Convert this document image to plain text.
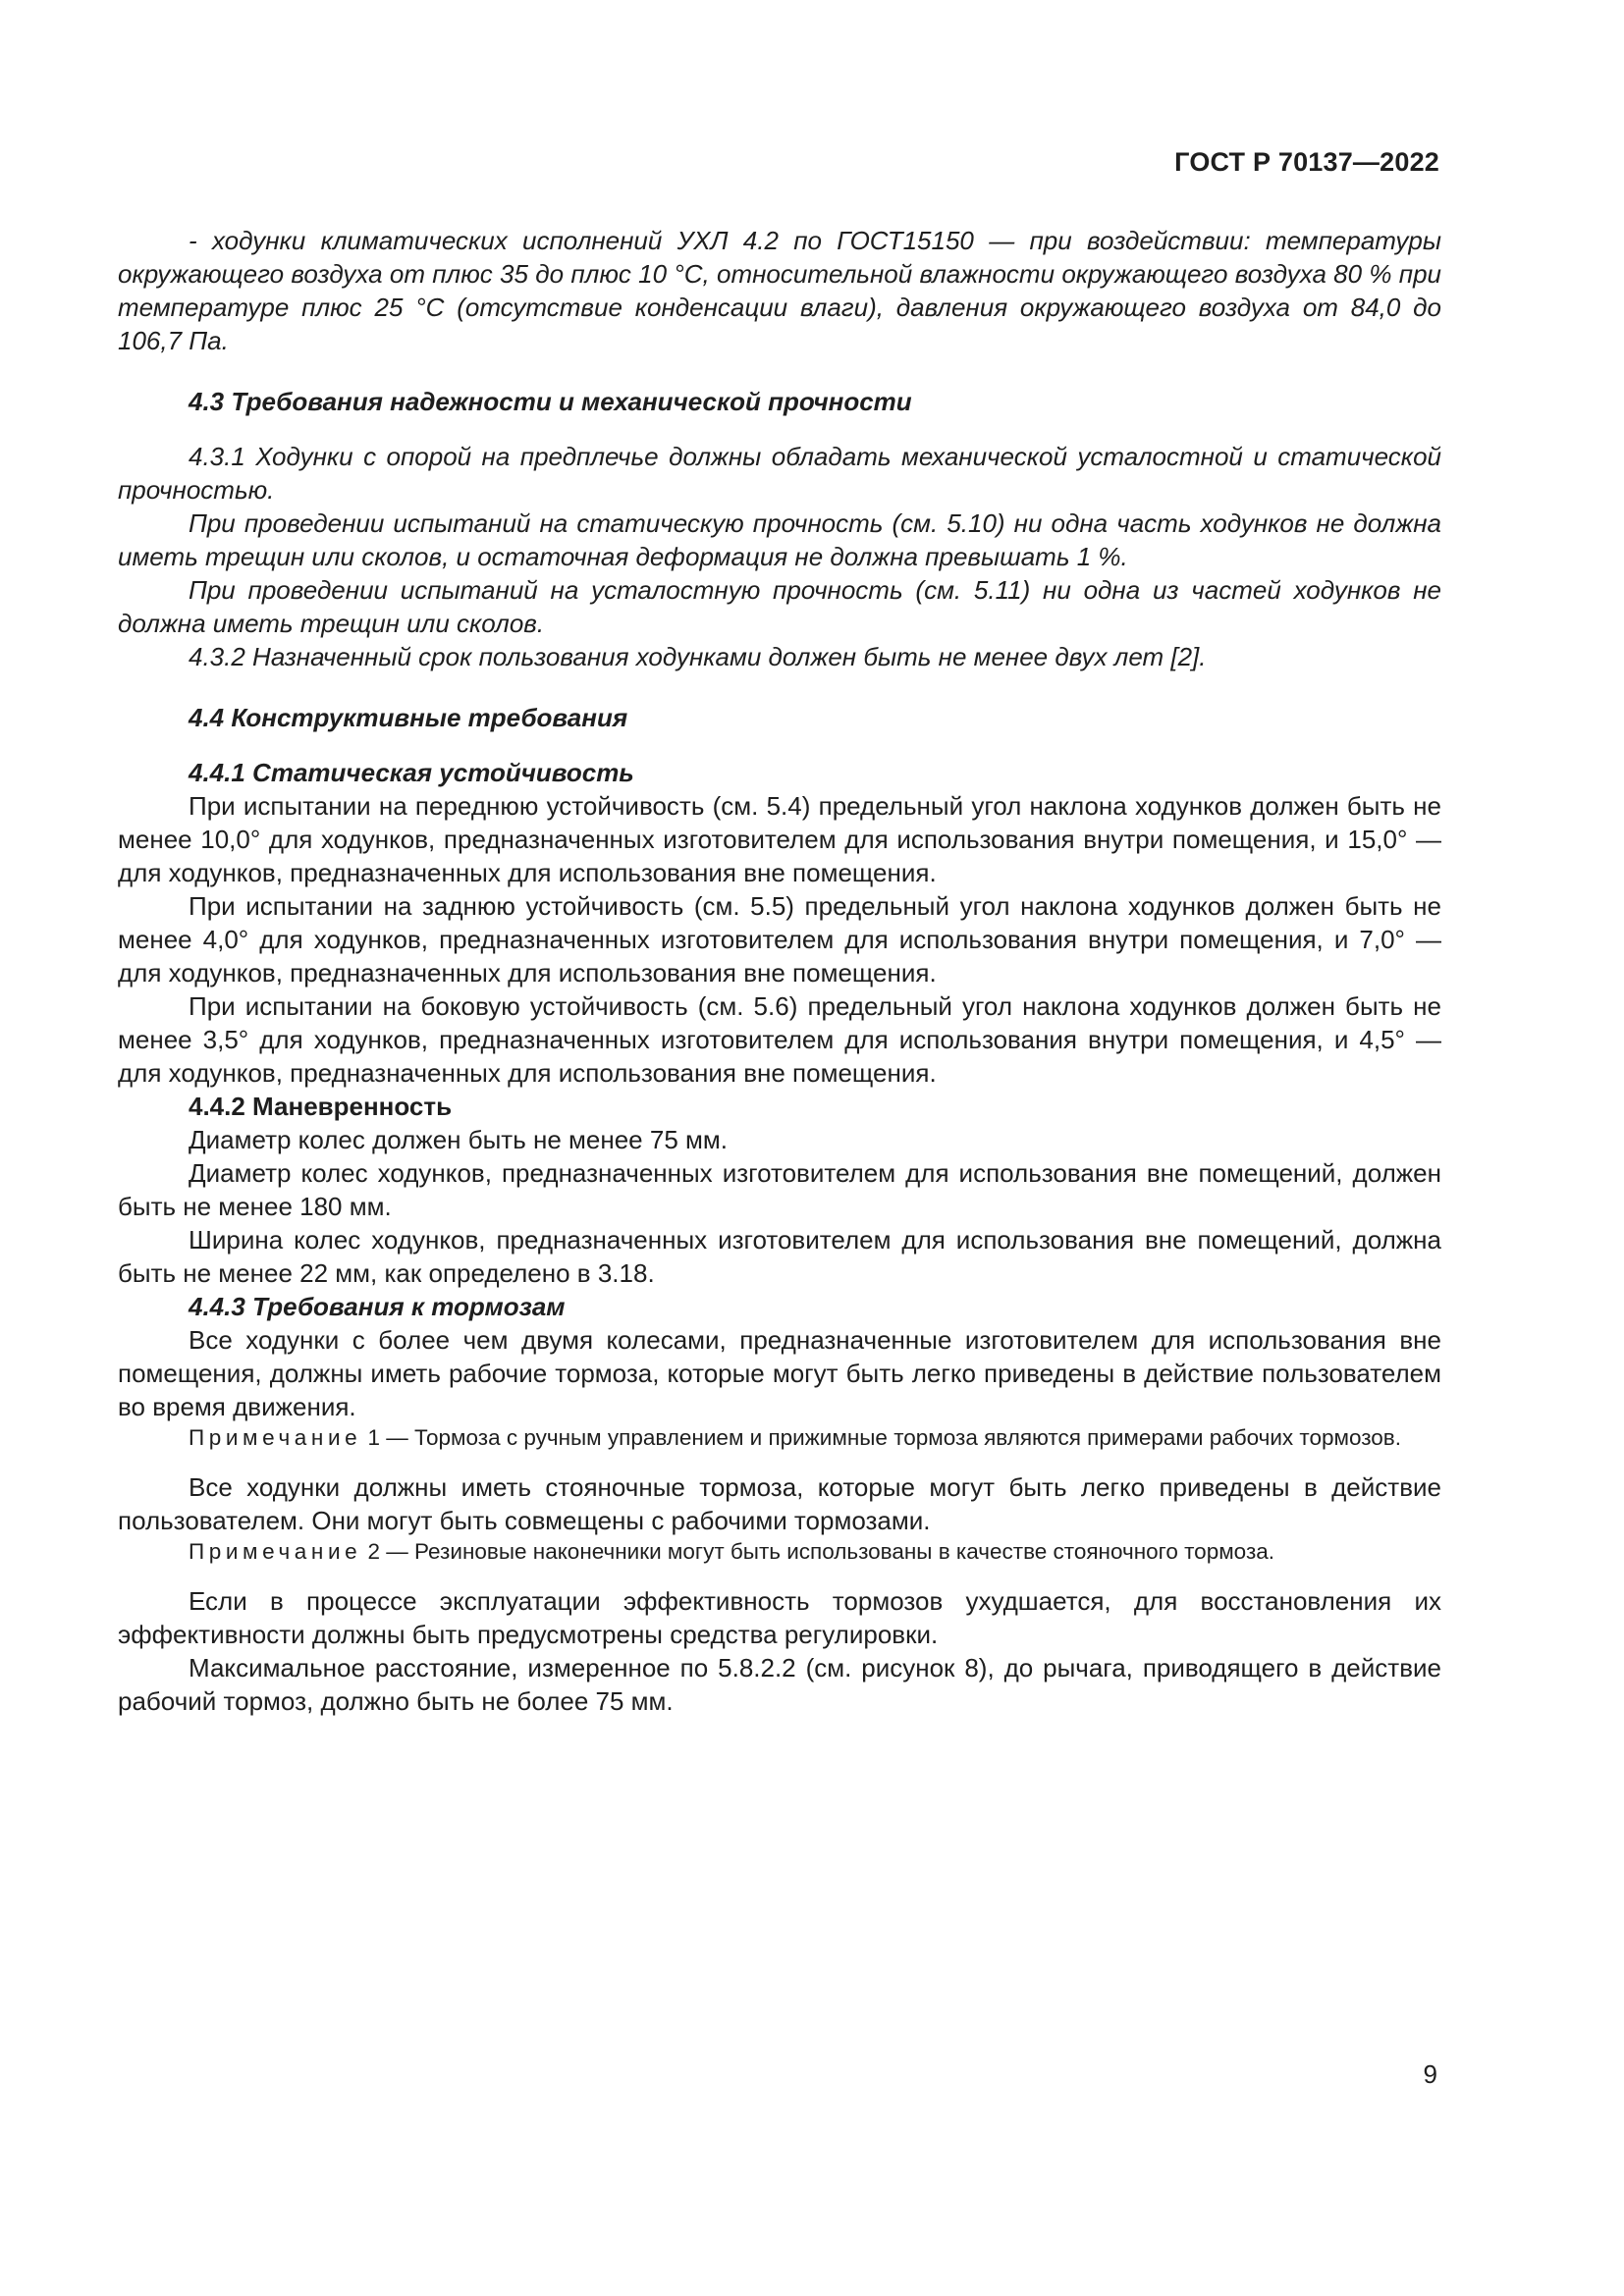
ГОСТ Р 70137—2022

- ходунки климатических исполнений УХЛ 4.2 по ГОСТ15150 — при воздействии: температуры окружающего воздуха от плюс 35 до плюс 10 °С, относительной влажности окружающего воздуха 80 % при температуре плюс 25 °С (отсутствие конденсации влаги), давления окружающего воздуха от 84,0 до 106,7 Па.

4.3 Требования надежности и механической прочности

4.3.1 Ходунки с опорой на предплечье должны обладать механической усталостной и статической прочностью.

При проведении испытаний на статическую прочность (см. 5.10) ни одна часть ходунков не должна иметь трещин или сколов, и остаточная деформация не должна превышать 1 %.

При проведении испытаний на усталостную прочность (см. 5.11) ни одна из частей ходунков не должна иметь трещин или сколов.

4.3.2 Назначенный срок пользования ходунками должен быть не менее двух лет [2].

4.4 Конструктивные требования

4.4.1 Статическая устойчивость

При испытании на переднюю устойчивость (см. 5.4) предельный угол наклона ходунков должен быть не менее 10,0° для ходунков, предназначенных изготовителем для использования внутри помещения, и 15,0° — для ходунков, предназначенных для использования вне помещения.

При испытании на заднюю устойчивость (см. 5.5) предельный угол наклона ходунков должен быть не менее 4,0° для ходунков, предназначенных изготовителем для использования внутри помещения, и 7,0° — для ходунков, предназначенных для использования вне помещения.

При испытании на боковую устойчивость (см. 5.6) предельный угол наклона ходунков должен быть не менее 3,5° для ходунков, предназначенных изготовителем для использования внутри помещения, и 4,5° — для ходунков, предназначенных для использования вне помещения.

4.4.2 Маневренность

Диаметр колес должен быть не менее 75 мм.

Диаметр колес ходунков, предназначенных изготовителем для использования вне помещений, должен быть не менее 180 мм.

Ширина колес ходунков, предназначенных изготовителем для использования вне помещений, должна быть не менее 22 мм, как определено в 3.18.

4.4.3 Требования к тормозам

Все ходунки с более чем двумя колесами, предназначенные изготовителем для использования вне помещения, должны иметь рабочие тормоза, которые могут быть легко приведены в действие пользователем во время движения.

Примечание 1 — Тормоза с ручным управлением и прижимные тормоза являются примерами рабочих тормозов.

Все ходунки должны иметь стояночные тормоза, которые могут быть легко приведены в действие пользователем. Они могут быть совмещены с рабочими тормозами.

Примечание 2 — Резиновые наконечники могут быть использованы в качестве стояночного тормоза.

Если в процессе эксплуатации эффективность тормозов ухудшается, для восстановления их эффективности должны быть предусмотрены средства регулировки.

Максимальное расстояние, измеренное по 5.8.2.2 (см. рисунок 8), до рычага, приводящего в действие рабочий тормоз, должно быть не более 75 мм.

9
